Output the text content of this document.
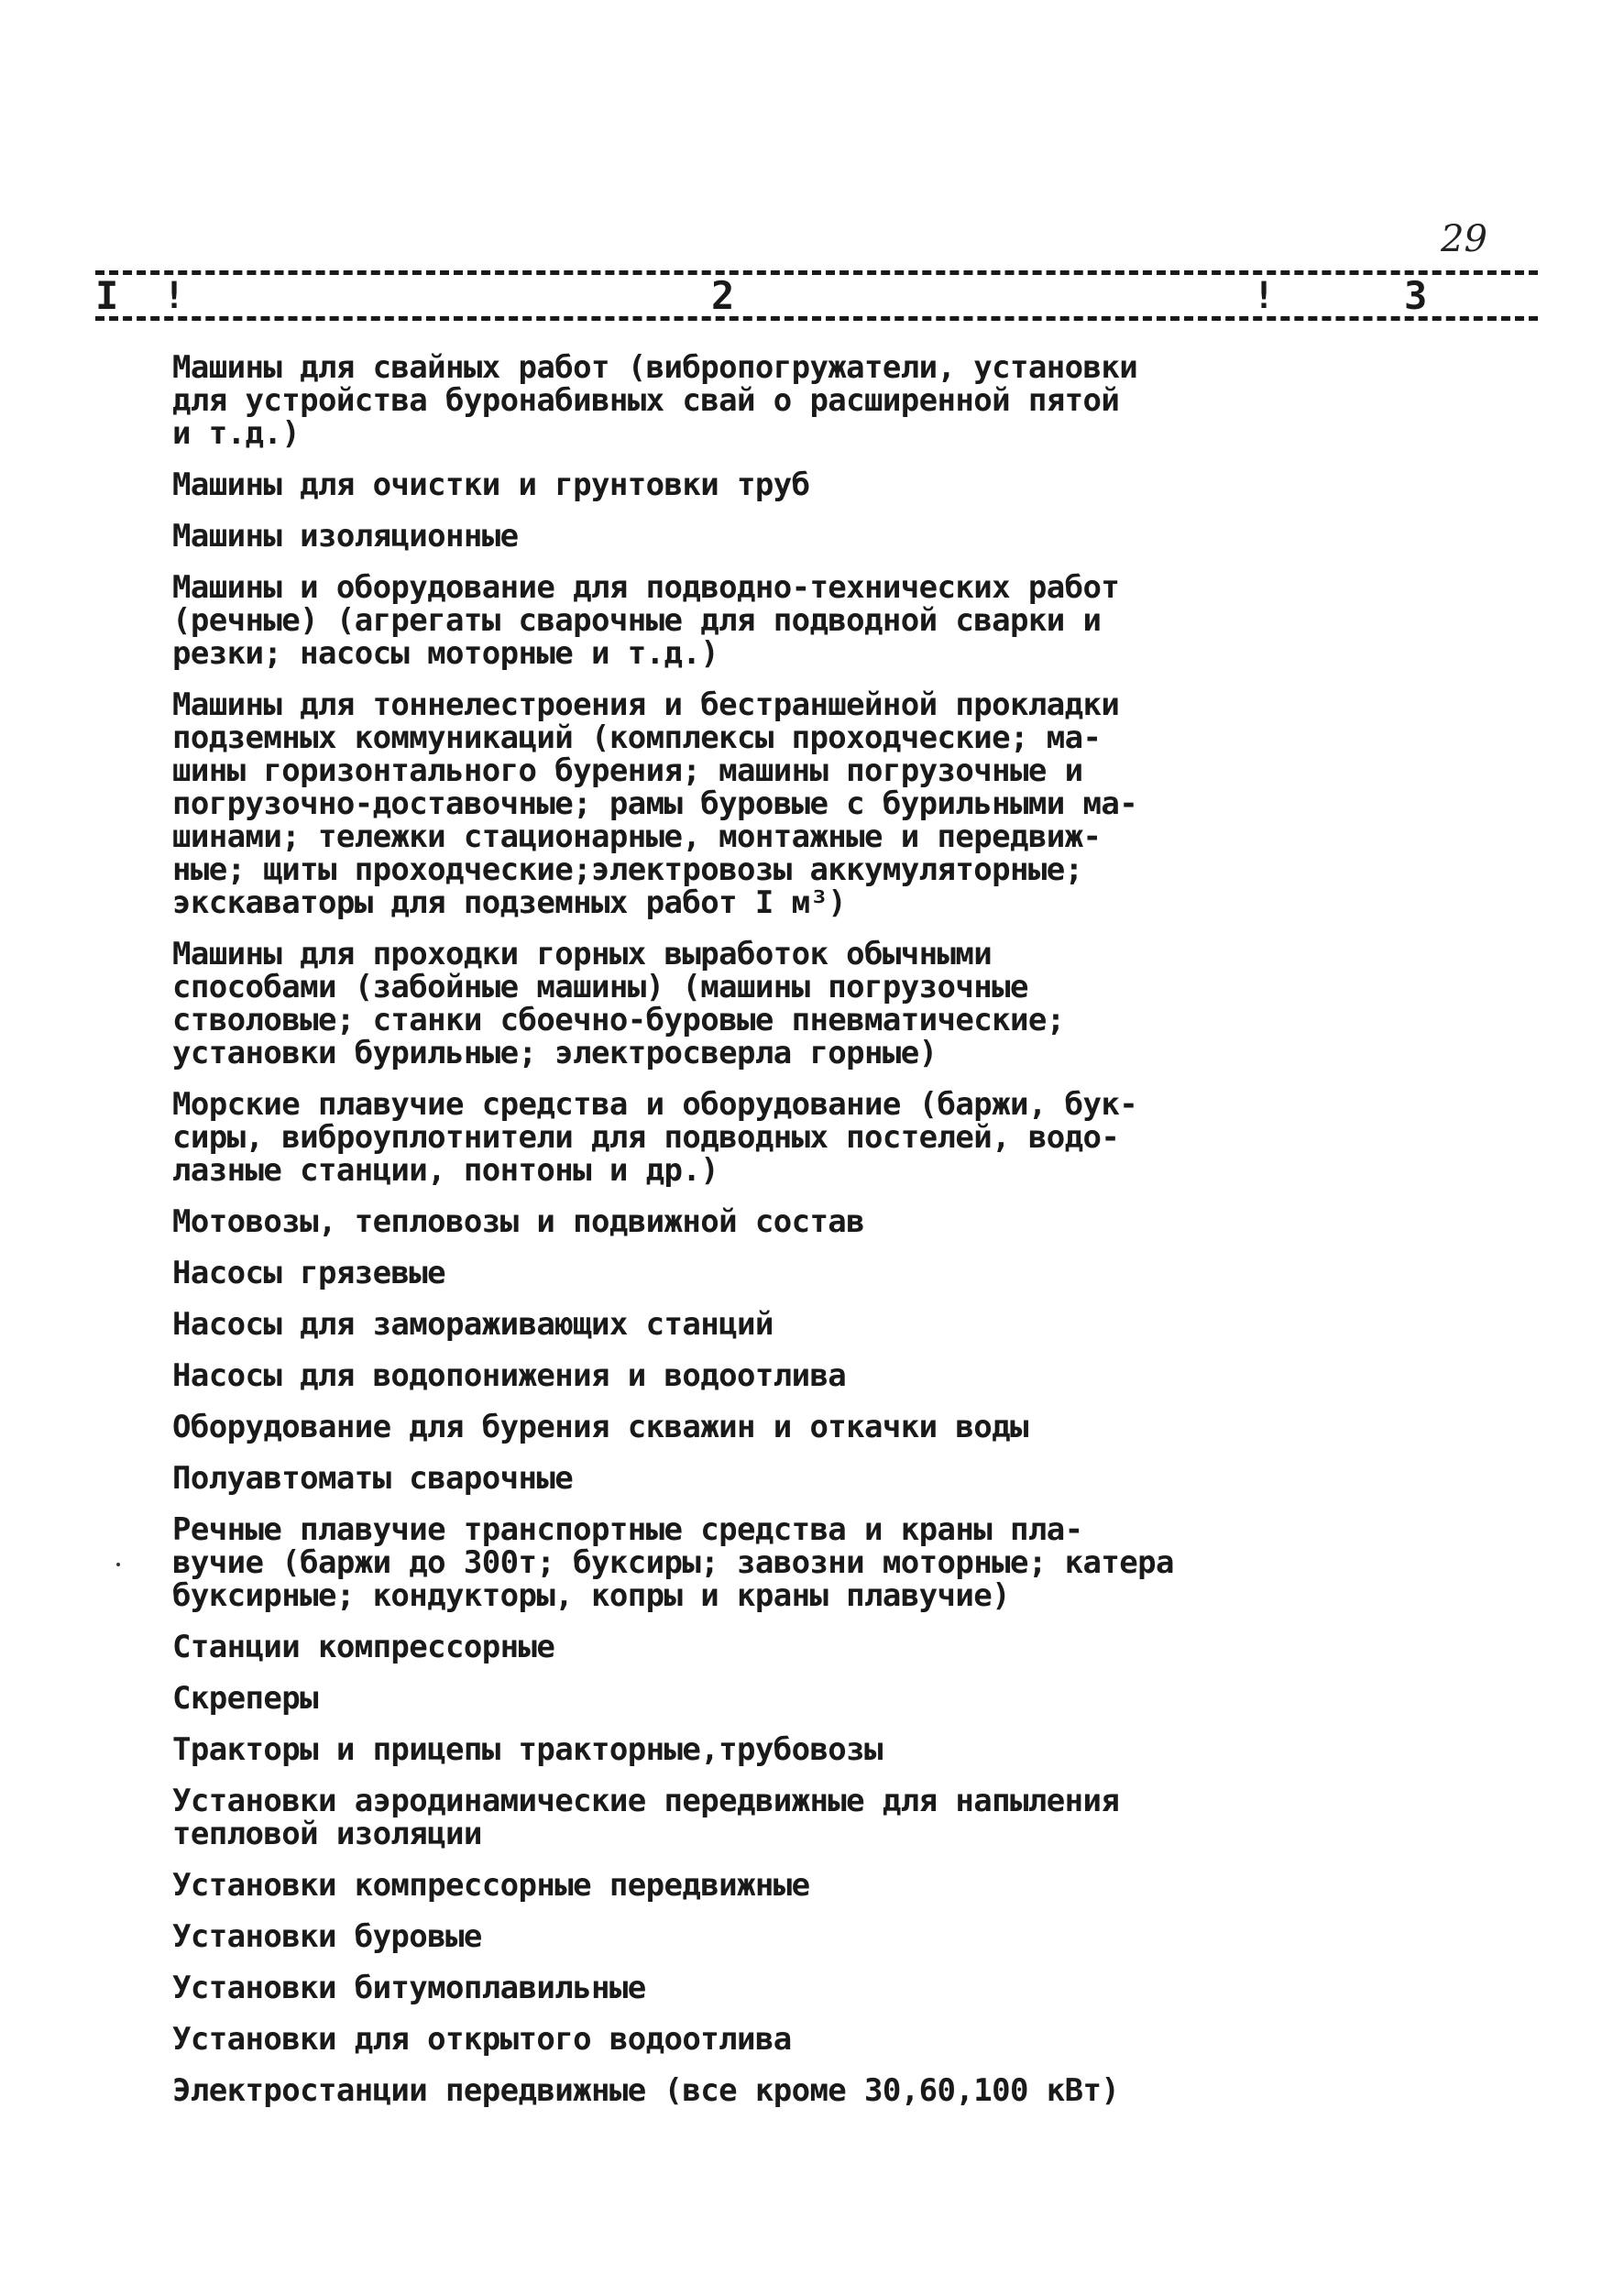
29
I !	2	!	3
Машины для свайных работ (вибропогружатели, установки
для устройства буронабивных свай о расширенной пятой
и т.д.)
Машины для очистки и грунтовки труб
Машины изоляционные
Машины и оборудование для подводно-технических работ
(речные) (агрегаты сварочные для подводной сварки и
резки; насосы моторные и т.д.)
Машины для тоннелестроения и бестраншейной прокладки
подземных коммуникаций (комплексы проходческие; ма-
шины горизонтального бурения; машины погрузочные и
погрузочно-доставочные; рамы буровые с бурильными ма-
шинами; тележки стационарные, монтажные и передвиж-
ные; щиты проходческие;электровозы аккумуляторные;
экскаваторы для подземных работ I м³)
Машины для проходки горных выработок обычными
способами (забойные машины) (машины погрузочные
стволовые; станки сбоечно-буровые пневматические;
установки бурильные; электросверла горные)
Морские плавучие средства и оборудование (баржи, бук-
сиры, виброуплотнители для подводных постелей, водо-
лазные станции, понтоны и др.)
Мотовозы, тепловозы и подвижной состав
Насосы грязевые
Насосы для замораживающих станций
Насосы для водопонижения и водоотлива
Оборудование для бурения скважин и откачки воды
Полуавтоматы сварочные
Речные плавучие транспортные средства и краны пла-
вучие (баржи до 300т; буксиры; завозни моторные; катера
буксирные; кондукторы, копры и краны плавучие)
Станции компрессорные
Скреперы
Тракторы и прицепы тракторные,трубовозы
Установки аэродинамические передвижные для напыления
тепловой изоляции
Установки компрессорные передвижные
Установки буровые
Установки битумоплавильные
Установки для открытого водоотлива
Электростанции передвижные (все кроме 30,60,100 кВт)
